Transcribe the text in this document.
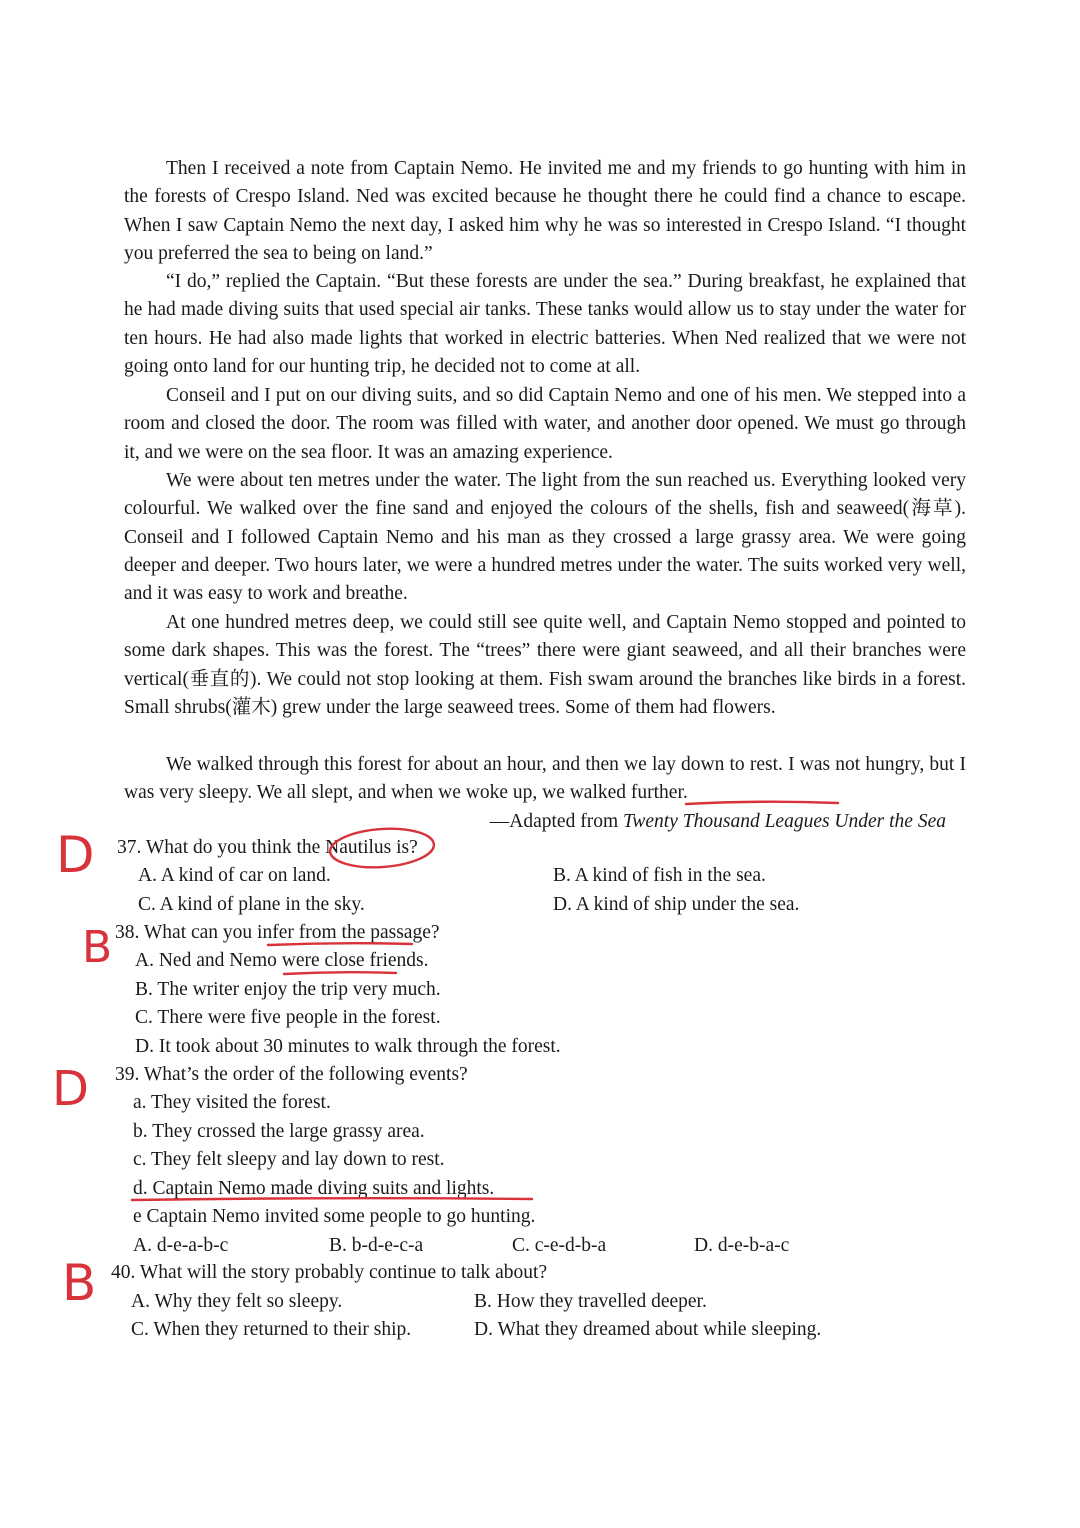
Then I received a note from Captain Nemo. He invited me and my friends to go hunting with him in the forests of Crespo Island. Ned was excited because he thought there he could find a chance to escape. When I saw Captain Nemo the next day, I asked him why he was so interested in Crespo Island. “I thought you preferred the sea to being on land.”

“I do,” replied the Captain. “But these forests are under the sea.” During breakfast, he explained that he had made diving suits that used special air tanks. These tanks would allow us to stay under the water for ten hours. He had also made lights that worked in electric batteries. When Ned realized that we were not going onto land for our hunting trip, he decided not to come at all.

Conseil and I put on our diving suits, and so did Captain Nemo and one of his men. We stepped into a room and closed the door. The room was filled with water, and another door opened. We must go through it, and we were on the sea floor. It was an amazing experience.

We were about ten metres under the water. The light from the sun reached us. Everything looked very colourful. We walked over the fine sand and enjoyed the colours of the shells, fish and seaweed(海草). Conseil and I followed Captain Nemo and his man as they crossed a large grassy area. We were going deeper and deeper. Two hours later, we were a hundred metres under the water. The suits worked very well, and it was easy to work and breathe.

At one hundred metres deep, we could still see quite well, and Captain Nemo stopped and pointed to some dark shapes. This was the forest. The “trees” there were giant seaweed, and all their branches were vertical(垂直的). We could not stop looking at them. Fish swam around the branches like birds in a forest. Small shrubs(灌木) grew under the large seaweed trees. Some of them had flowers.

We walked through this forest for about an hour, and then we lay down to rest. I was not hungry, but I was very sleepy. We all slept, and when we woke up, we walked further.

—Adapted from Twenty Thousand Leagues Under the Sea
37. What do you think the Nautilus is?
A. A kind of car on land.	B. A kind of fish in the sea.
C. A kind of plane in the sky.	D. A kind of ship under the sea.
38. What can you infer from the passage?
A. Ned and Nemo were close friends.
B. The writer enjoy the trip very much.
C. There were five people in the forest.
D. It took about 30 minutes to walk through the forest.
39. What’s the order of the following events?
a. They visited the forest.
b. They crossed the large grassy area.
c. They felt sleepy and lay down to rest.
d. Captain Nemo made diving suits and lights.
e Captain Nemo invited some people to go hunting.
A. d-e-a-b-c	B. b-d-e-c-a	C. c-e-d-b-a	D. d-e-b-a-c
40. What will the story probably continue to talk about?
A. Why they felt so sleepy.	B. How they travelled deeper.
C. When they returned to their ship.	D. What they dreamed about while sleeping.
D
B
D
B
